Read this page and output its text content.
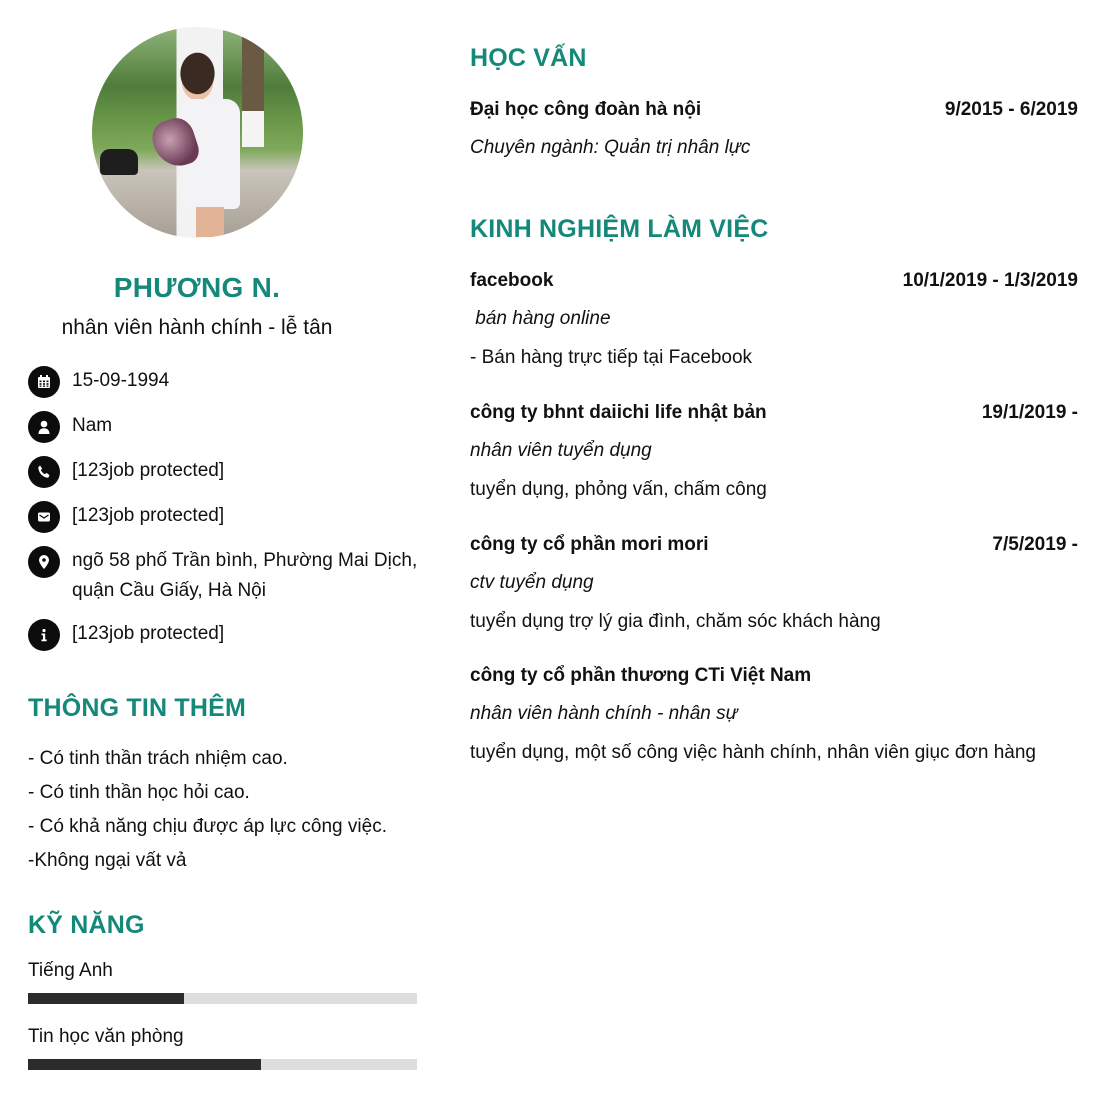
PHƯƠNG N.
nhân viên hành chính - lễ tân
15-09-1994
Nam
[123job protected]
[123job protected]
ngõ 58 phố Trần bình, Phường Mai Dịch, quận Cầu Giấy, Hà Nội
[123job protected]
THÔNG TIN THÊM
- Có tinh thần trách nhiệm cao.
- Có tinh thần học hỏi cao.
- Có khả năng chịu được áp lực công việc.
-Không ngại vất vả
KỸ NĂNG
Tiếng Anh
Tin học văn phòng
HỌC VẤN
Đại học công đoàn hà nội	9/2015 - 6/2019
Chuyên ngành: Quản trị nhân lực
KINH NGHIỆM LÀM VIỆC
facebook	10/1/2019 - 1/3/2019
bán hàng online
- Bán hàng trực tiếp tại Facebook
công ty bhnt daiichi life nhật bản	19/1/2019 -
nhân viên tuyển dụng
tuyển dụng, phỏng vấn, chấm công
công ty cổ phần mori mori	7/5/2019 -
ctv tuyển dụng
tuyển dụng trợ lý gia đình, chăm sóc khách hàng
công ty cổ phần thương CTi Việt Nam
nhân viên hành chính - nhân sự
tuyển dụng, một số công việc hành chính, nhân viên giục đơn hàng
